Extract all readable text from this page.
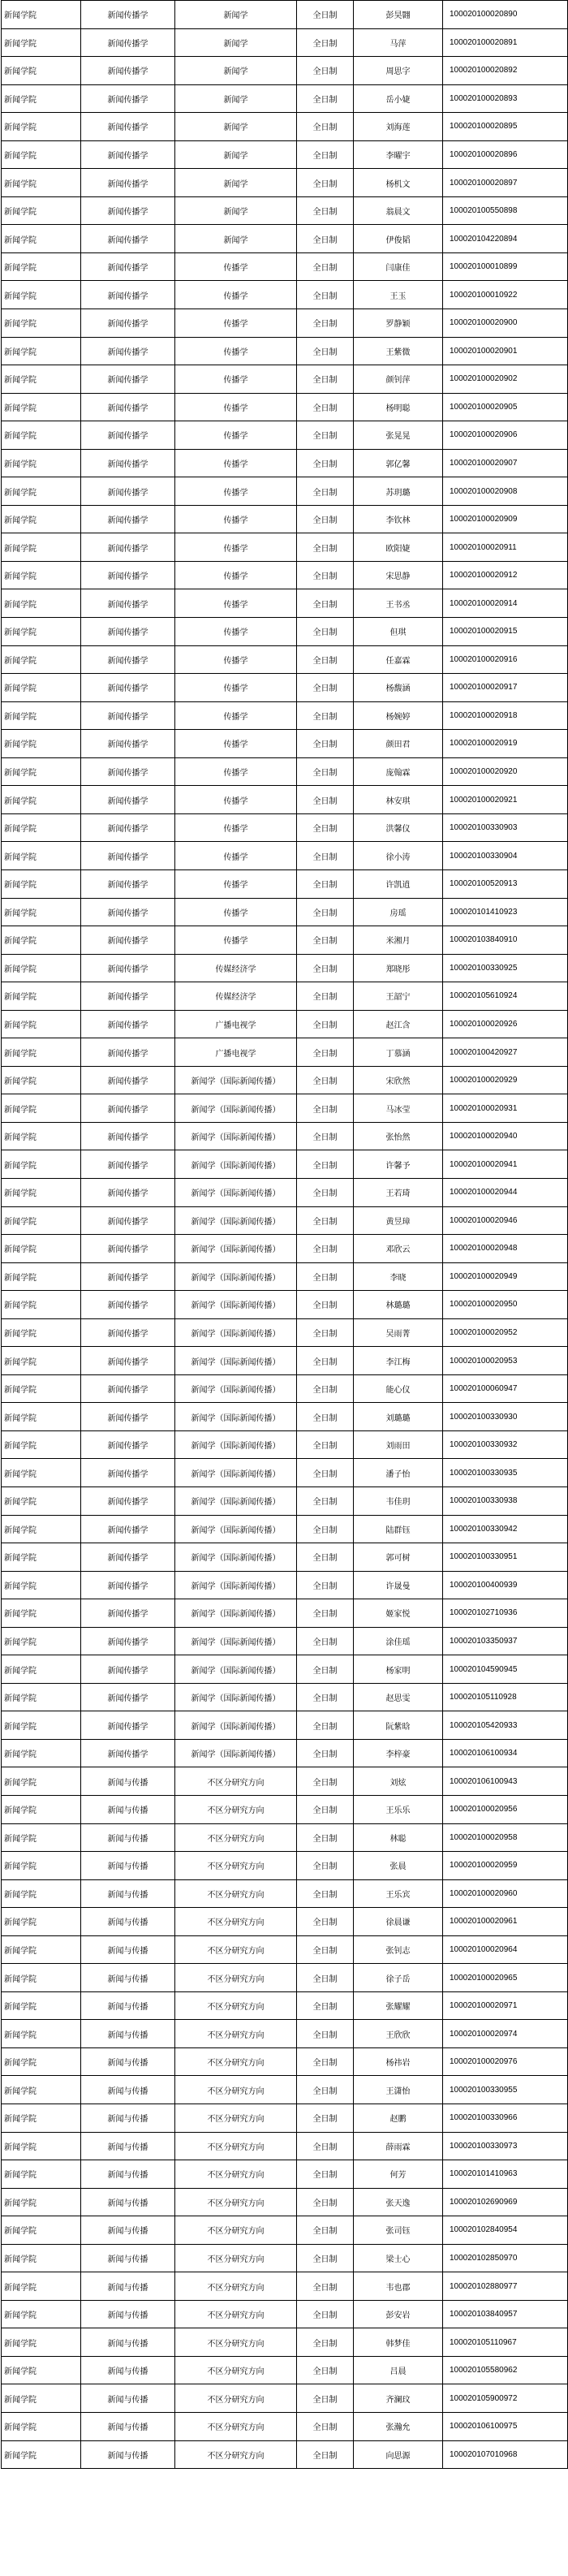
新闻学院	新闻传播学	新闻学	全日制	彭昊翾	100020100020890
新闻学院	新闻传播学	新闻学	全日制	马萍	100020100020891
新闻学院	新闻传播学	新闻学	全日制	周思字	100020100020892
新闻学院	新闻传播学	新闻学	全日制	岳小婕	100020100020893
新闻学院	新闻传播学	新闻学	全日制	刘海莲	100020100020895
新闻学院	新闻传播学	新闻学	全日制	李曜宇	100020100020896
新闻学院	新闻传播学	新闻学	全日制	杨机文	100020100020897
新闻学院	新闻传播学	新闻学	全日制	翁晨文	100020100550898
新闻学院	新闻传播学	新闻学	全日制	伊俊韬	100020104220894
新闻学院	新闻传播学	传播学	全日制	闫康佳	100020100010899
新闻学院	新闻传播学	传播学	全日制	王玉	100020100010922
新闻学院	新闻传播学	传播学	全日制	罗静颖	100020100020900
新闻学院	新闻传播学	传播学	全日制	王紫微	100020100020901
新闻学院	新闻传播学	传播学	全日制	颜钊萍	100020100020902
新闻学院	新闻传播学	传播学	全日制	杨明聪	100020100020905
新闻学院	新闻传播学	传播学	全日制	张晃晃	100020100020906
新闻学院	新闻传播学	传播学	全日制	郭亿馨	100020100020907
新闻学院	新闻传播学	传播学	全日制	苏玥璐	100020100020908
新闻学院	新闻传播学	传播学	全日制	李钦林	100020100020909
新闻学院	新闻传播学	传播学	全日制	欧阳婕	100020100020911
新闻学院	新闻传播学	传播学	全日制	宋思静	100020100020912
新闻学院	新闻传播学	传播学	全日制	王书丞	100020100020914
新闻学院	新闻传播学	传播学	全日制	但琪	100020100020915
新闻学院	新闻传播学	传播学	全日制	任嘉霖	100020100020916
新闻学院	新闻传播学	传播学	全日制	杨馥涵	100020100020917
新闻学院	新闻传播学	传播学	全日制	杨婉婷	100020100020918
新闻学院	新闻传播学	传播学	全日制	颜田君	100020100020919
新闻学院	新闻传播学	传播学	全日制	庞翰霖	100020100020920
新闻学院	新闻传播学	传播学	全日制	林安琪	100020100020921
新闻学院	新闻传播学	传播学	全日制	洪馨仪	100020100330903
新闻学院	新闻传播学	传播学	全日制	徐小涛	100020100330904
新闻学院	新闻传播学	传播学	全日制	许凯逍	100020100520913
新闻学院	新闻传播学	传播学	全日制	房瑶	100020101410923
新闻学院	新闻传播学	传播学	全日制	米湘月	100020103840910
新闻学院	新闻传播学	传媒经济学	全日制	郑晓彤	100020100330925
新闻学院	新闻传播学	传媒经济学	全日制	王韶宁	100020105610924
新闻学院	新闻传播学	广播电视学	全日制	赵江含	100020100020926
新闻学院	新闻传播学	广播电视学	全日制	丁慕涵	100020100420927
新闻学院	新闻传播学	新闻学（国际新闻传播）	全日制	宋欣然	100020100020929
新闻学院	新闻传播学	新闻学（国际新闻传播）	全日制	马冰莹	100020100020931
新闻学院	新闻传播学	新闻学（国际新闻传播）	全日制	张怡然	100020100020940
新闻学院	新闻传播学	新闻学（国际新闻传播）	全日制	许馨予	100020100020941
新闻学院	新闻传播学	新闻学（国际新闻传播）	全日制	王若琦	100020100020944
新闻学院	新闻传播学	新闻学（国际新闻传播）	全日制	黄昱璋	100020100020946
新闻学院	新闻传播学	新闻学（国际新闻传播）	全日制	邓欣云	100020100020948
新闻学院	新闻传播学	新闻学（国际新闻传播）	全日制	李晓	100020100020949
新闻学院	新闻传播学	新闻学（国际新闻传播）	全日制	林璐璐	100020100020950
新闻学院	新闻传播学	新闻学（国际新闻传播）	全日制	吴雨菁	100020100020952
新闻学院	新闻传播学	新闻学（国际新闻传播）	全日制	李江梅	100020100020953
新闻学院	新闻传播学	新闻学（国际新闻传播）	全日制	能心仪	100020100060947
新闻学院	新闻传播学	新闻学（国际新闻传播）	全日制	刘璐璐	100020100330930
新闻学院	新闻传播学	新闻学（国际新闻传播）	全日制	刘雨田	100020100330932
新闻学院	新闻传播学	新闻学（国际新闻传播）	全日制	潘子怡	100020100330935
新闻学院	新闻传播学	新闻学（国际新闻传播）	全日制	韦佳玥	100020100330938
新闻学院	新闻传播学	新闻学（国际新闻传播）	全日制	陆群钰	100020100330942
新闻学院	新闻传播学	新闻学（国际新闻传播）	全日制	郭可树	100020100330951
新闻学院	新闻传播学	新闻学（国际新闻传播）	全日制	许晟曼	100020100400939
新闻学院	新闻传播学	新闻学（国际新闻传播）	全日制	姬家悦	100020102710936
新闻学院	新闻传播学	新闻学（国际新闻传播）	全日制	涂佳瑶	100020103350937
新闻学院	新闻传播学	新闻学（国际新闻传播）	全日制	杨家明	100020104590945
新闻学院	新闻传播学	新闻学（国际新闻传播）	全日制	赵思雯	100020105110928
新闻学院	新闻传播学	新闻学（国际新闻传播）	全日制	阮紫晗	100020105420933
新闻学院	新闻传播学	新闻学（国际新闻传播）	全日制	李梓豪	100020106100934
新闻学院	新闻与传播	不区分研究方向	全日制	刘炫	100020106100943
新闻学院	新闻与传播	不区分研究方向	全日制	王乐乐	100020100020956
新闻学院	新闻与传播	不区分研究方向	全日制	林聪	100020100020958
新闻学院	新闻与传播	不区分研究方向	全日制	张晨	100020100020959
新闻学院	新闻与传播	不区分研究方向	全日制	王乐宾	100020100020960
新闻学院	新闻与传播	不区分研究方向	全日制	徐晨谦	100020100020961
新闻学院	新闻与传播	不区分研究方向	全日制	张钊志	100020100020964
新闻学院	新闻与传播	不区分研究方向	全日制	徐子岳	100020100020965
新闻学院	新闻与传播	不区分研究方向	全日制	张耀耀	100020100020971
新闻学院	新闻与传播	不区分研究方向	全日制	王欣欣	100020100020974
新闻学院	新闻与传播	不区分研究方向	全日制	杨祎岩	100020100020976
新闻学院	新闻与传播	不区分研究方向	全日制	王潇怡	100020100330955
新闻学院	新闻与传播	不区分研究方向	全日制	赵鹏	100020100330966
新闻学院	新闻与传播	不区分研究方向	全日制	薛雨霖	100020100330973
新闻学院	新闻与传播	不区分研究方向	全日制	何芳	100020101410963
新闻学院	新闻与传播	不区分研究方向	全日制	张天逸	100020102690969
新闻学院	新闻与传播	不区分研究方向	全日制	张司钰	100020102840954
新闻学院	新闻与传播	不区分研究方向	全日制	梁士心	100020102850970
新闻学院	新闻与传播	不区分研究方向	全日制	韦也郡	100020102880977
新闻学院	新闻与传播	不区分研究方向	全日制	彭安岩	100020103840957
新闻学院	新闻与传播	不区分研究方向	全日制	韩梦佳	100020105110967
新闻学院	新闻与传播	不区分研究方向	全日制	吕晨	100020105580962
新闻学院	新闻与传播	不区分研究方向	全日制	齐澜玟	100020105900972
新闻学院	新闻与传播	不区分研究方向	全日制	张瀚允	100020106100975
新闻学院	新闻与传播	不区分研究方向	全日制	向思源	100020107010968
